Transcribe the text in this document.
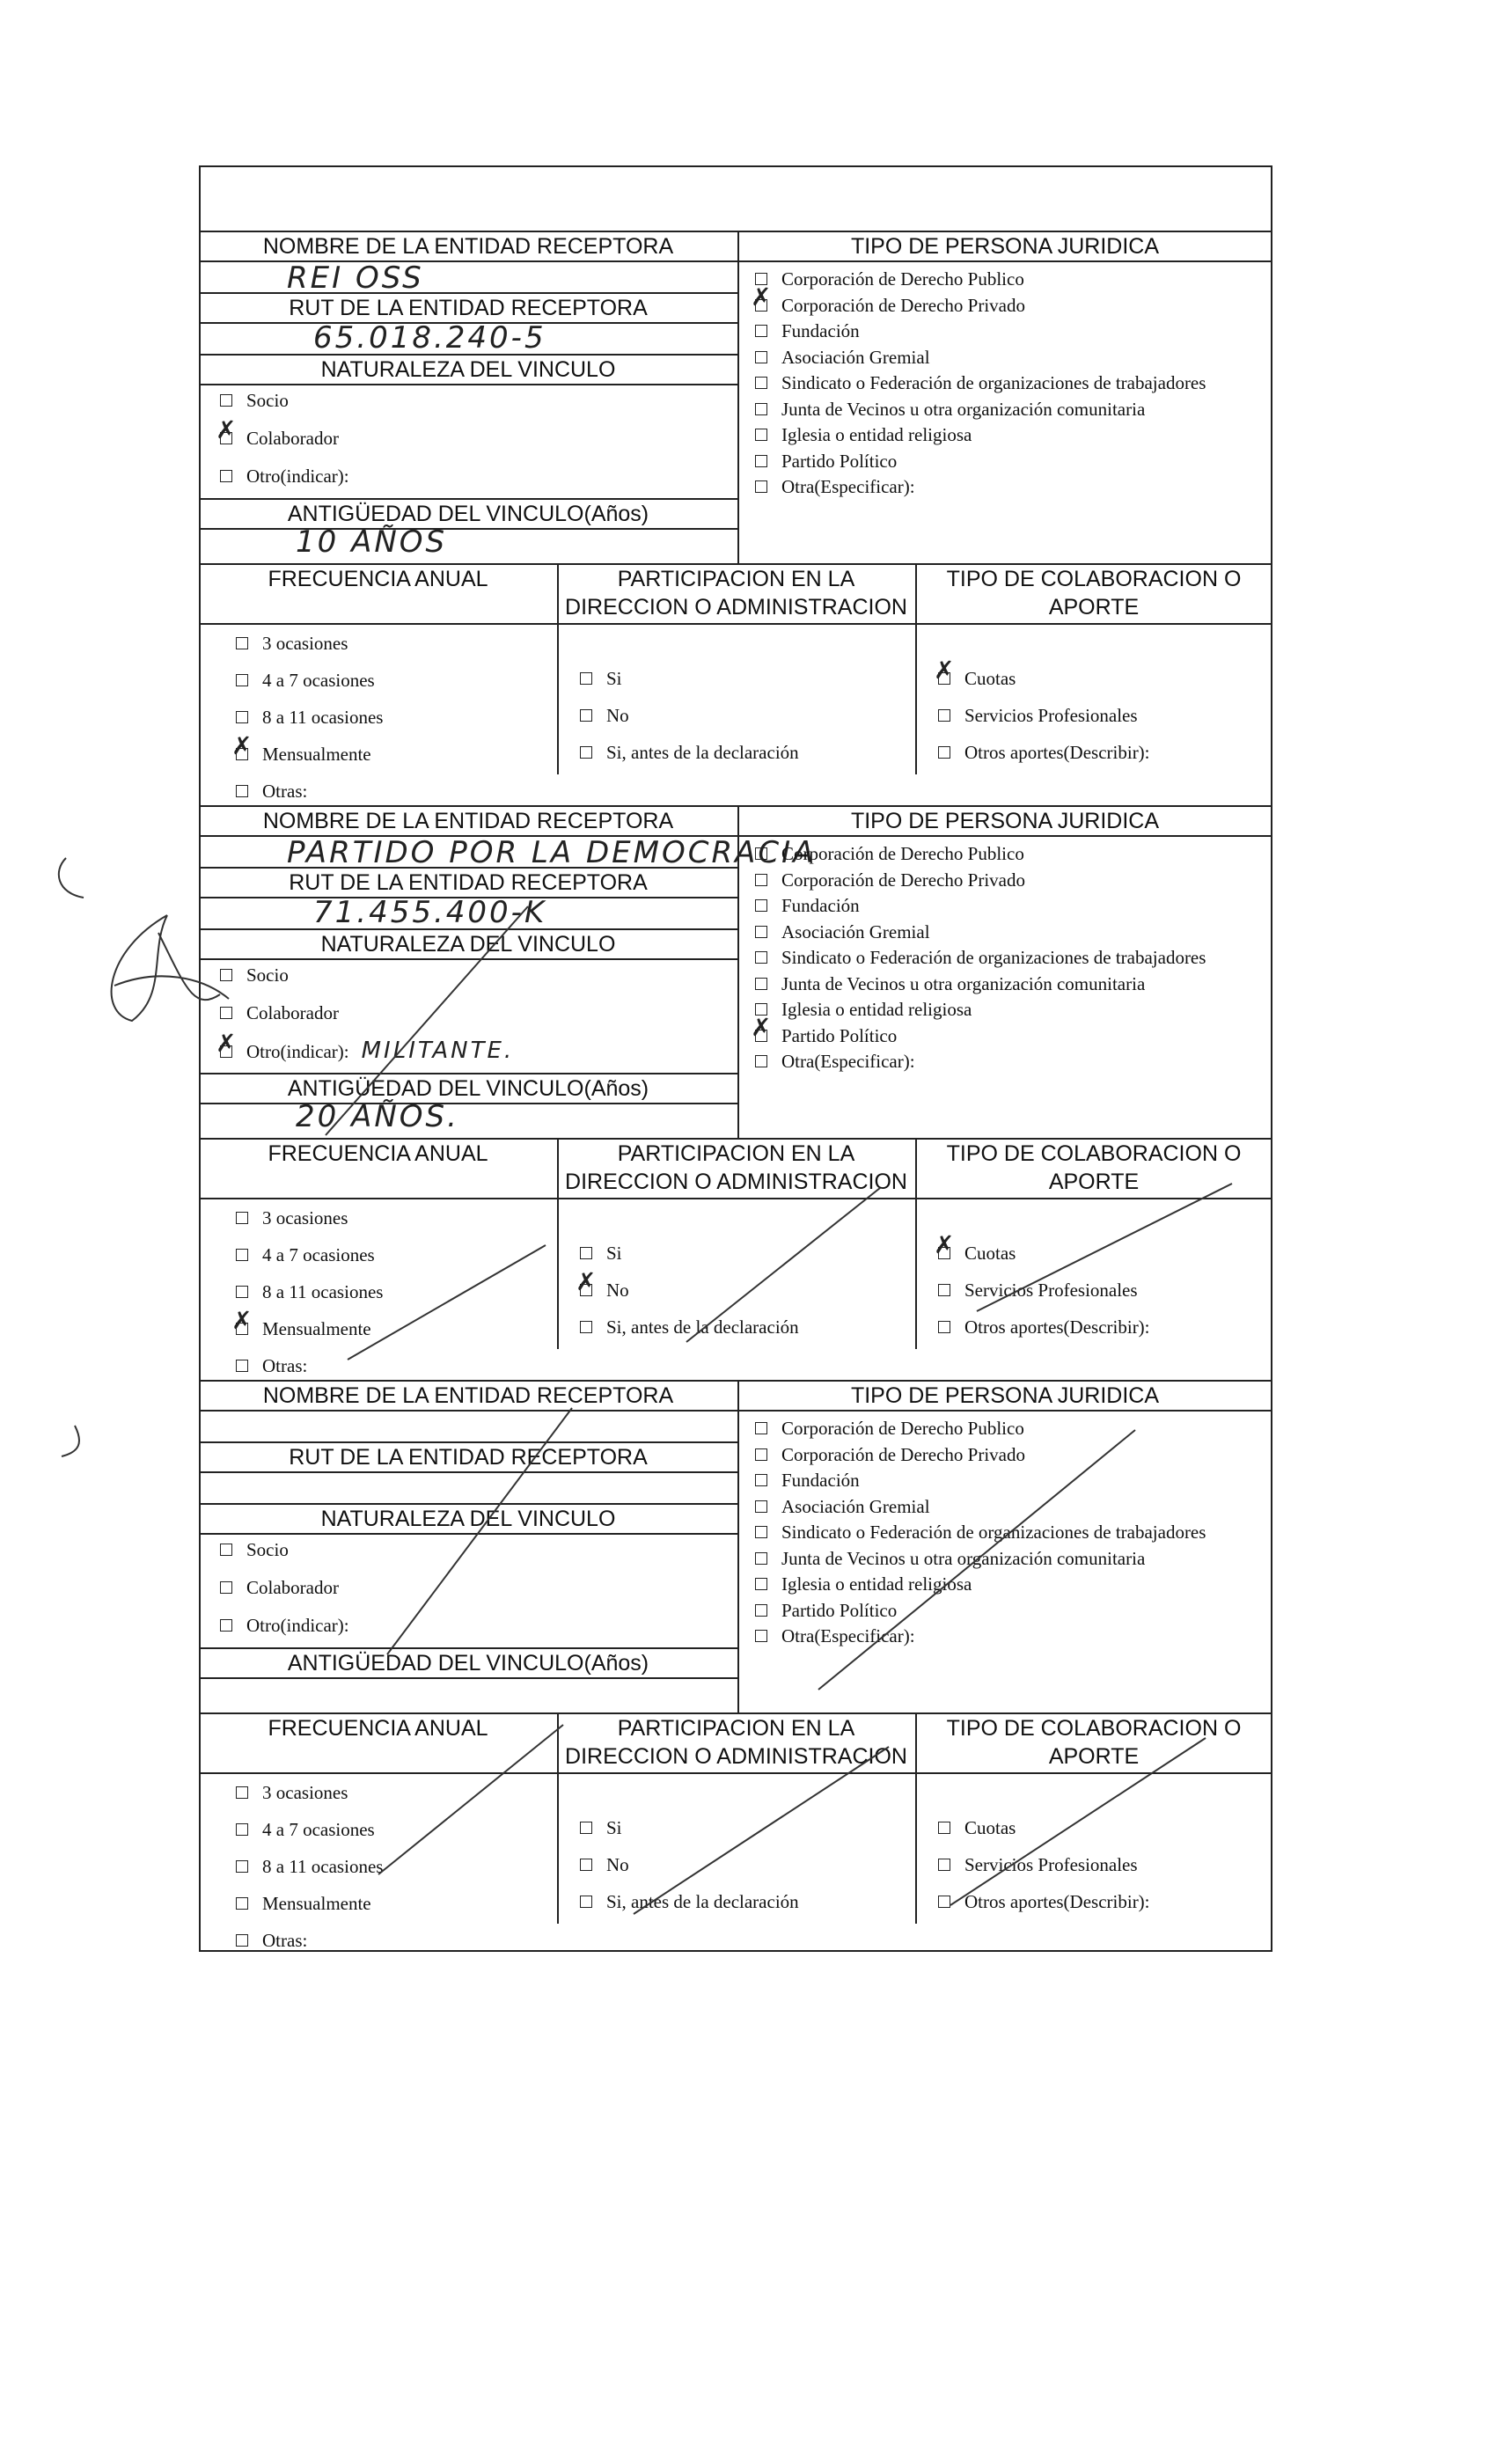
NOMBRE DE LA ENTIDAD RECEPTORA	TIPO DE PERSONA JURIDICA
REI OSS
RUT DE LA ENTIDAD RECEPTORA
65.018.240-5
NATURALEZA DEL VINCULO
Socio
✗Colaborador
Otro(indicar):
ANTIGÜEDAD DEL VINCULO(Años)
10 AÑOS
Corporación de Derecho Publico
✗Corporación de Derecho Privado
Fundación
Asociación Gremial
Sindicato o Federación de organizaciones de trabajadores
Junta de Vecinos u otra organización comunitaria
Iglesia o entidad religiosa
Partido Político
Otra(Especificar):
FRECUENCIA ANUAL	PARTICIPACION EN LA
DIRECCION O ADMINISTRACION
TIPO DE COLABORACION O
APORTE
3 ocasiones
4 a 7 ocasiones
8 a 11 ocasiones
✗Mensualmente
Otras:
Si
No
Si, antes de la declaración
✗Cuotas
Servicios Profesionales
Otros aportes(Describir):
NOMBRE DE LA ENTIDAD RECEPTORA	TIPO DE PERSONA JURIDICA
PARTIDO POR LA DEMOCRACIA
RUT DE LA ENTIDAD RECEPTORA
71.455.400-K
NATURALEZA DEL VINCULO
Socio
Colaborador
✗Otro(indicar): MILITANTE.
ANTIGÜEDAD DEL VINCULO(Años)
20 AÑOS.
Corporación de Derecho Publico
Corporación de Derecho Privado
Fundación
Asociación Gremial
Sindicato o Federación de organizaciones de trabajadores
Junta de Vecinos u otra organización comunitaria
Iglesia o entidad religiosa
✗Partido Político
Otra(Especificar):
FRECUENCIA ANUAL	PARTICIPACION EN LA
DIRECCION O ADMINISTRACION
TIPO DE COLABORACION O
APORTE
3 ocasiones
4 a 7 ocasiones
8 a 11 ocasiones
✗Mensualmente
Otras:
Si
✗No
Si, antes de la declaración
✗Cuotas
Servicios Profesionales
Otros aportes(Describir):
NOMBRE DE LA ENTIDAD RECEPTORA	TIPO DE PERSONA JURIDICA
RUT DE LA ENTIDAD RECEPTORA
NATURALEZA DEL VINCULO
Socio
Colaborador
Otro(indicar):
ANTIGÜEDAD DEL VINCULO(Años)
Corporación de Derecho Publico
Corporación de Derecho Privado
Fundación
Asociación Gremial
Sindicato o Federación de organizaciones de trabajadores
Junta de Vecinos u otra organización comunitaria
Iglesia o entidad religiosa
Partido Político
Otra(Especificar):
FRECUENCIA ANUAL	PARTICIPACION EN LA
DIRECCION O ADMINISTRACION
TIPO DE COLABORACION O
APORTE
3 ocasiones
4 a 7 ocasiones
8 a 11 ocasiones
Mensualmente
Otras:
Si
No
Si, antes de la declaración
Cuotas
Servicios Profesionales
Otros aportes(Describir):
